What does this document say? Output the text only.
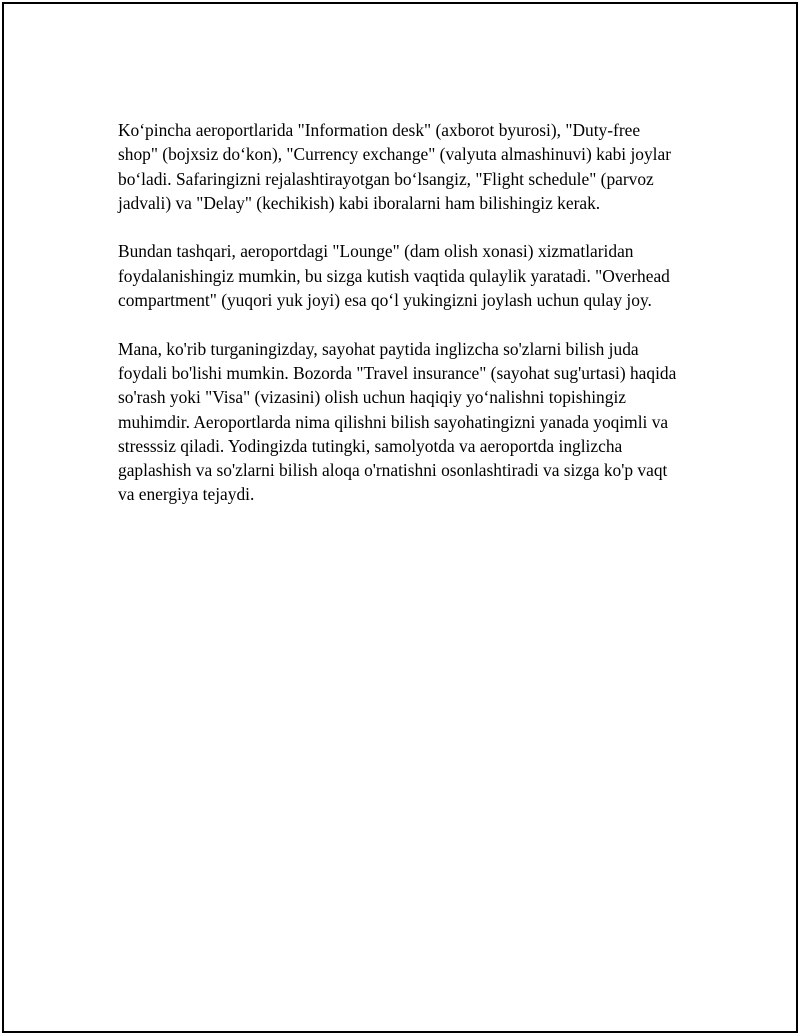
Ko‘pincha aeroportlarida "Information desk" (axborot byurosi), "Duty-free shop" (bojxsiz do‘kon), "Currency exchange" (valyuta almashinuvi) kabi joylar bo‘ladi. Safaringizni rejalashtirayotgan bo‘lsangiz, "Flight schedule" (parvoz jadvali) va "Delay" (kechikish) kabi iboralarni ham bilishingiz kerak.

Bundan tashqari, aeroportdagi "Lounge" (dam olish xonasi) xizmatlaridan foydalanishingiz mumkin, bu sizga kutish vaqtida qulaylik yaratadi. "Overhead compartment" (yuqori yuk joyi) esa qo‘l yukingizni joylash uchun qulay joy.

Mana, ko'rib turganingizday, sayohat paytida inglizcha so'zlarni bilish juda foydali bo'lishi mumkin. Bozorda "Travel insurance" (sayohat sug'urtasi) haqida so'rash yoki "Visa" (vizasini) olish uchun haqiqiy yo‘nalishni topishingiz muhimdir. Aeroportlarda nima qilishni bilish sayohatingizni yanada yoqimli va stresssiz qiladi. Yodingizda tutingki, samolyotda va aeroportda inglizcha gaplashish va so'zlarni bilish aloqa o'rnatishni osonlashtiradi va sizga ko'p vaqt va energiya tejaydi.
